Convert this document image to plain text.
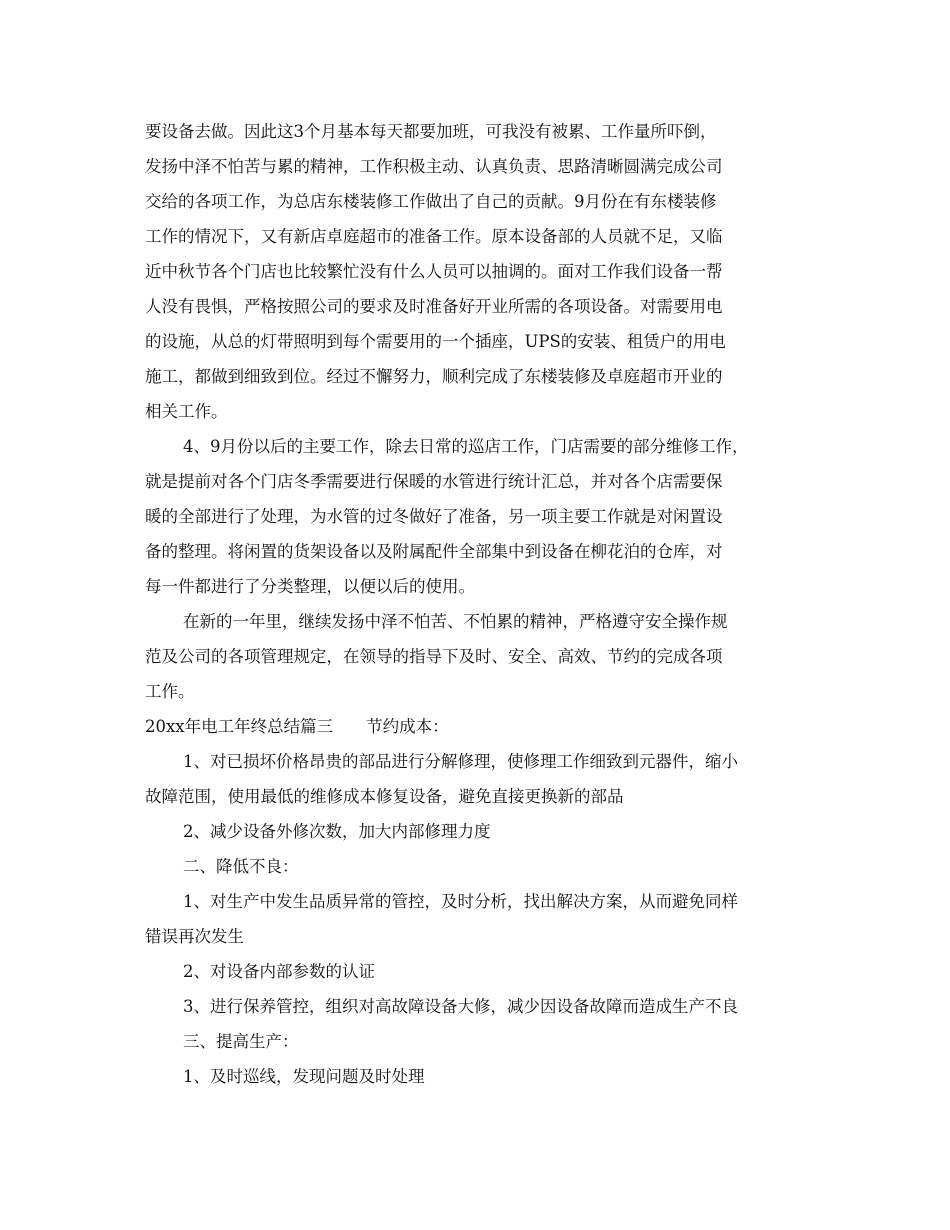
要设备去做。因此这3个月基本每天都要加班，可我没有被累、工作量所吓倒，
发扬中泽不怕苦与累的精神，工作积极主动、认真负责、思路清晰圆满完成公司
交给的各项工作，为总店东楼装修工作做出了自己的贡献。9月份在有东楼装修
工作的情况下，又有新店卓庭超市的准备工作。原本设备部的人员就不足，又临
近中秋节各个门店也比较繁忙没有什么人员可以抽调的。面对工作我们设备一帮
人没有畏惧，严格按照公司的要求及时准备好开业所需的各项设备。对需要用电
的设施，从总的灯带照明到每个需要用的一个插座，UPS的安装、租赁户的用电
施工，都做到细致到位。经过不懈努力，顺利完成了东楼装修及卓庭超市开业的
相关工作。
4、9月份以后的主要工作，除去日常的巡店工作，门店需要的部分维修工作，
就是提前对各个门店冬季需要进行保暖的水管进行统计汇总，并对各个店需要保
暖的全部进行了处理，为水管的过冬做好了准备，另一项主要工作就是对闲置设
备的整理。将闲置的货架设备以及附属配件全部集中到设备在柳花泊的仓库，对
每一件都进行了分类整理，以便以后的使用。
在新的一年里，继续发扬中泽不怕苦、不怕累的精神，严格遵守安全操作规
范及公司的各项管理规定，在领导的指导下及时、安全、高效、节约的完成各项
工作。
20xx年电工年终总结篇三　　节约成本：
1、对已损坏价格昂贵的部品进行分解修理，使修理工作细致到元器件，缩小
故障范围，使用最低的维修成本修复设备，避免直接更换新的部品
2、减少设备外修次数，加大内部修理力度
二、降低不良：
1、对生产中发生品质异常的管控，及时分析，找出解决方案，从而避免同样
错误再次发生
2、对设备内部参数的认证
3、进行保养管控，组织对高故障设备大修，减少因设备故障而造成生产不良
三、提高生产：
1、及时巡线，发现问题及时处理
